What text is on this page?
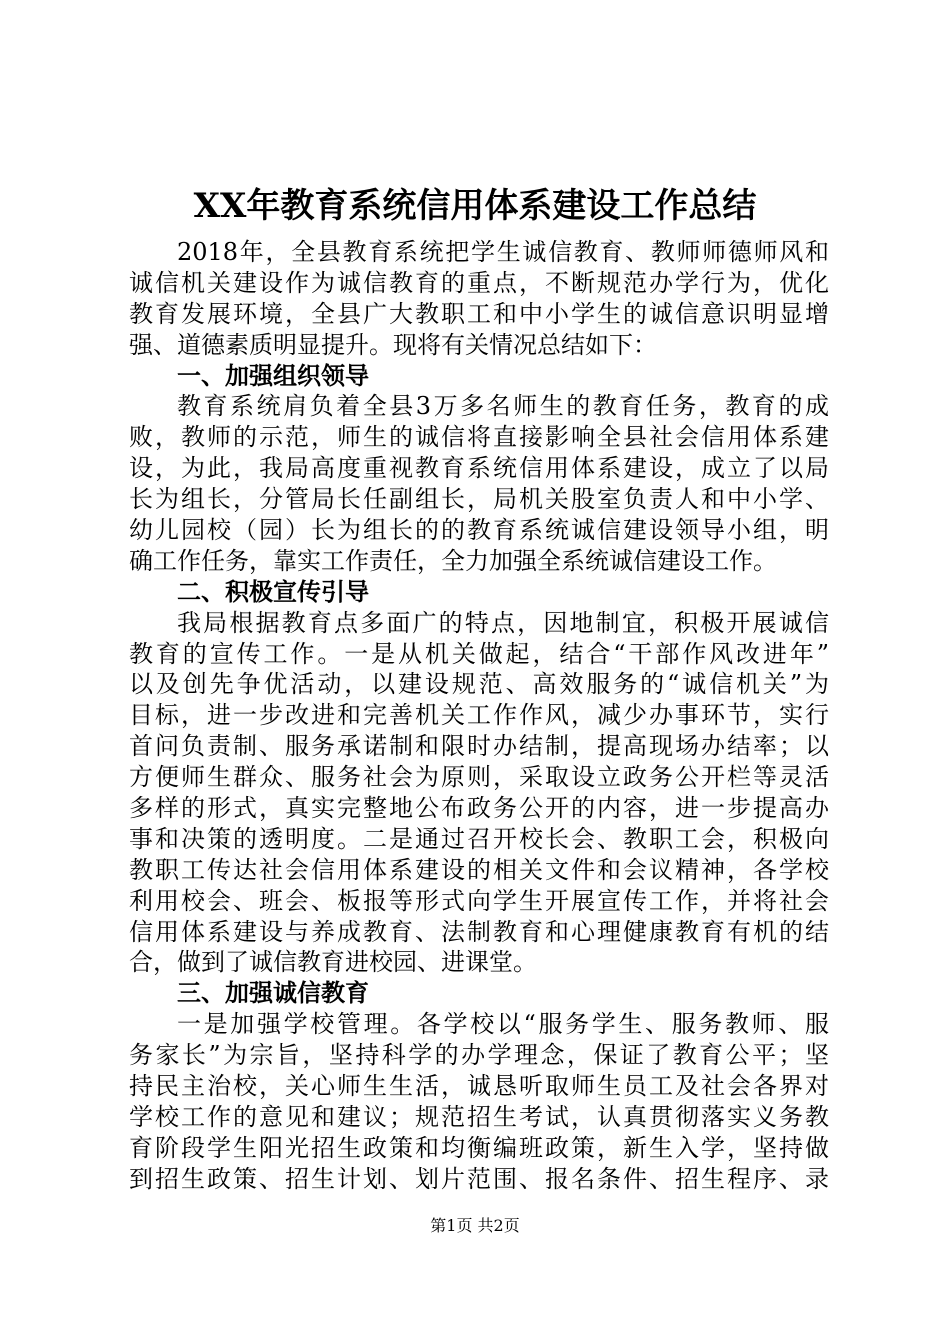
XX年教育系统信用体系建设工作总结
2018年，全县教育系统把学生诚信教育、教师师德师风和
诚信机关建设作为诚信教育的重点，不断规范办学行为，优化
教育发展环境，全县广大教职工和中小学生的诚信意识明显增
强、道德素质明显提升。现将有关情况总结如下：
一、加强组织领导
教育系统肩负着全县3万多名师生的教育任务，教育的成
败，教师的示范，师生的诚信将直接影响全县社会信用体系建
设，为此，我局高度重视教育系统信用体系建设，成立了以局
长为组长，分管局长任副组长，局机关股室负责人和中小学、
幼儿园校（园）长为组长的的教育系统诚信建设领导小组，明
确工作任务，靠实工作责任，全力加强全系统诚信建设工作。
二、积极宣传引导
我局根据教育点多面广的特点，因地制宜，积极开展诚信
教育的宣传工作。一是从机关做起，结合“干部作风改进年”
以及创先争优活动，以建设规范、高效服务的“诚信机关”为
目标，进一步改进和完善机关工作作风，减少办事环节，实行
首问负责制、服务承诺制和限时办结制，提高现场办结率；以
方便师生群众、服务社会为原则，采取设立政务公开栏等灵活
多样的形式，真实完整地公布政务公开的内容，进一步提高办
事和决策的透明度。二是通过召开校长会、教职工会，积极向
教职工传达社会信用体系建设的相关文件和会议精神，各学校
利用校会、班会、板报等形式向学生开展宣传工作，并将社会
信用体系建设与养成教育、法制教育和心理健康教育有机的结
合，做到了诚信教育进校园、进课堂。
三、加强诚信教育
一是加强学校管理。各学校以“服务学生、服务教师、服
务家长”为宗旨，坚持科学的办学理念，保证了教育公平；坚
持民主治校，关心师生生活，诚恳听取师生员工及社会各界对
学校工作的意见和建议；规范招生考试，认真贯彻落实义务教
育阶段学生阳光招生政策和均衡编班政策，新生入学，坚持做
到招生政策、招生计划、划片范围、报名条件、招生程序、录
第1页 共2页
